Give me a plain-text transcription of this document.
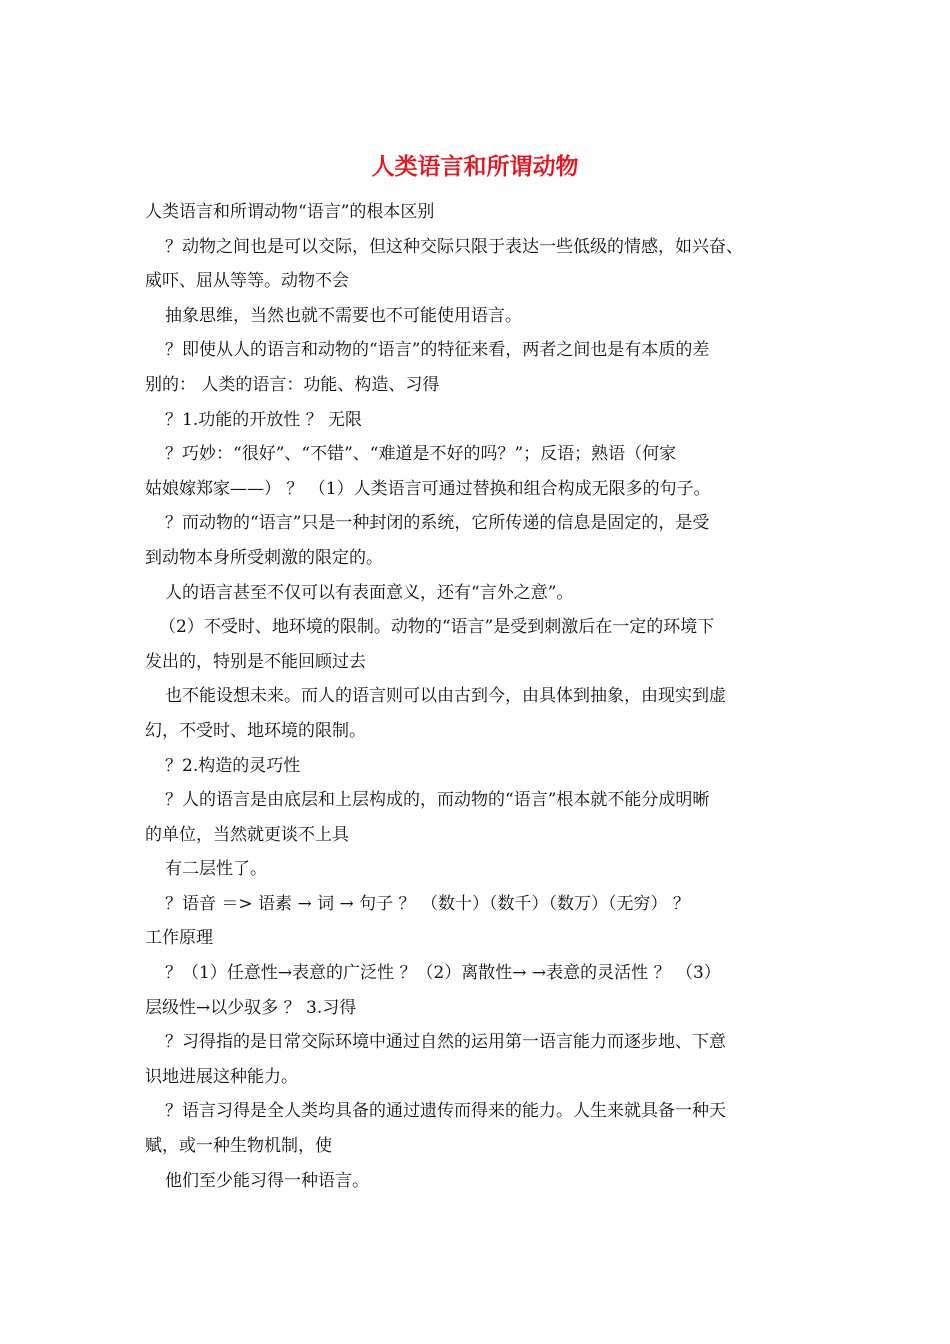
人类语言和所谓动物
人类语言和所谓动物“语言”的根本区别
？动物之间也是可以交际，但这种交际只限于表达一些低级的情感，如兴奋、
威吓、屈从等等。动物不会
抽象思维，当然也就不需要也不可能使用语言。
？即使从人的语言和动物的“语言”的特征来看，两者之间也是有本质的差
别的： 人类的语言：功能、构造、习得
？1.功能的开放性 ？ 无限
？巧妙：“很好”、“不错”、“难道是不好的吗？”；反语；熟语（何家
姑娘嫁郑家——） ？ （1）人类语言可通过替换和组合构成无限多的句子。
？而动物的“语言”只是一种封闭的系统，它所传递的信息是固定的，是受
到动物本身所受刺激的限定的。
人的语言甚至不仅可以有表面意义，还有“言外之意”。
（2）不受时、地环境的限制。动物的“语言”是受到刺激后在一定的环境下
发出的，特别是不能回顾过去
也不能设想未来。而人的语言则可以由古到今，由具体到抽象，由现实到虚
幻，不受时、地环境的限制。
？2.构造的灵巧性
？人的语言是由底层和上层构成的，而动物的“语言”根本就不能分成明晰
的单位，当然就更谈不上具
有二层性了。
？语音 ＝> 语素 → 词 → 句子 ？ （数十）（数千）（数万）（无穷） ？
工作原理
？（1）任意性→表意的广泛性 ？（2）离散性→ →表意的灵活性 ？ （3）
层级性→以少驭多 ？ 3.习得
？习得指的是日常交际环境中通过自然的运用第一语言能力而逐步地、下意
识地进展这种能力。
？语言习得是全人类均具备的通过遗传而得来的能力。人生来就具备一种天
赋，或一种生物机制，使
他们至少能习得一种语言。
